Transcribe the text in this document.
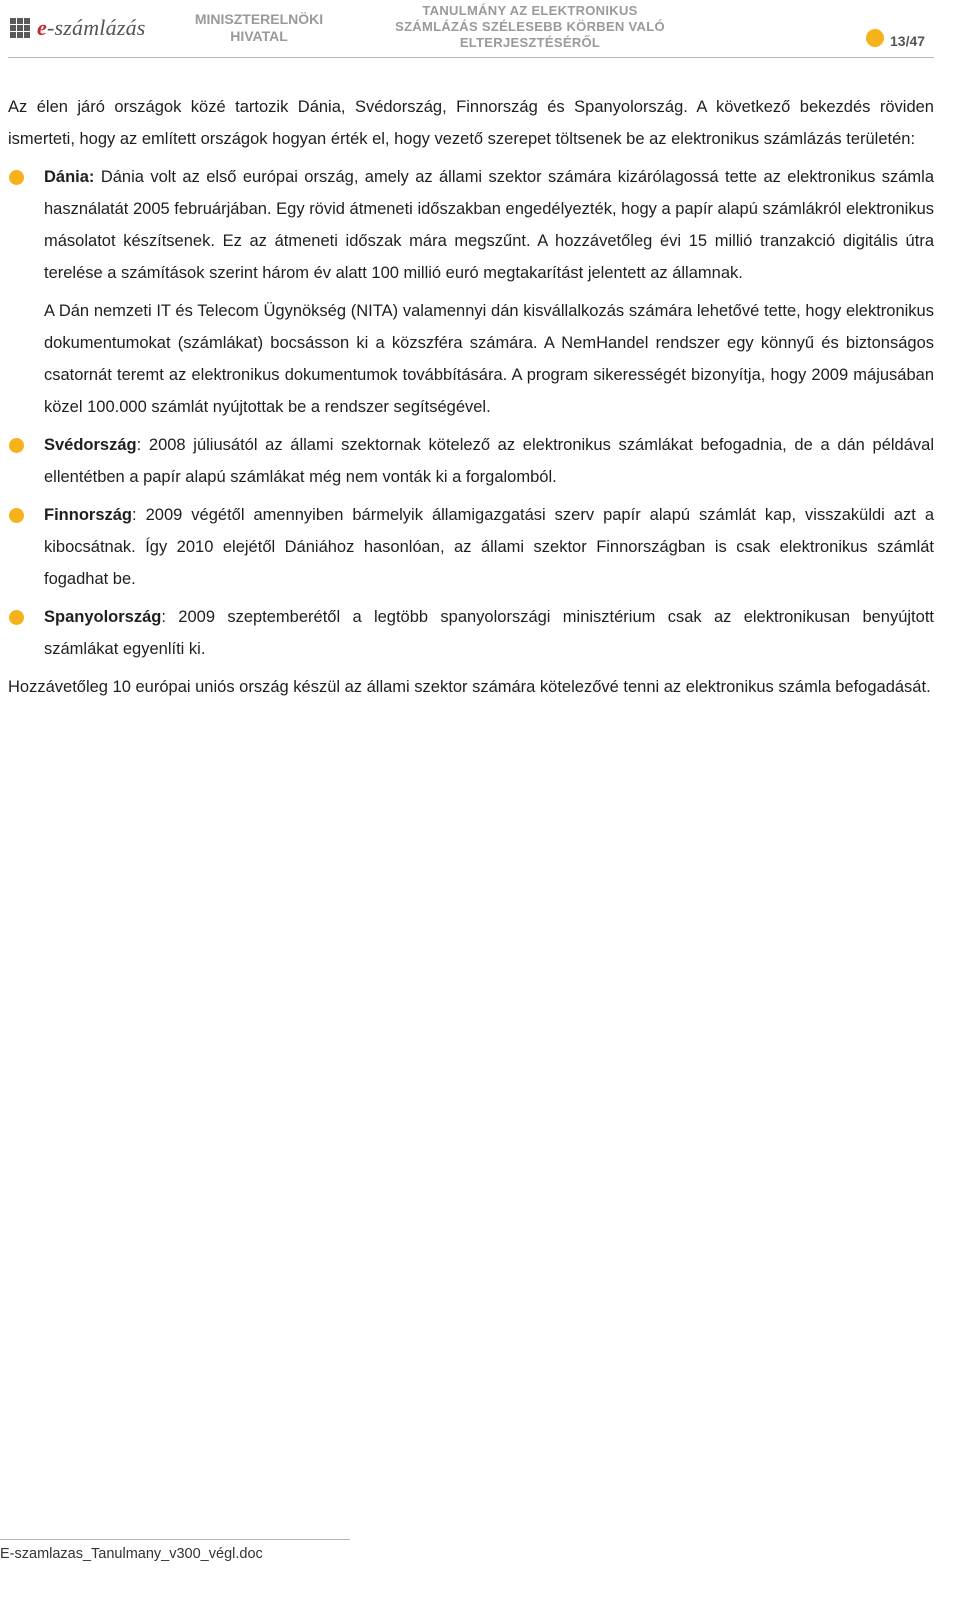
e-számlázás	MINISZTERELNÖKI
HIVATAL
TANULMÁNY AZ ELEKTRONIKUS
SZÁMLÁZÁS SZÉLESEBB KÖRBEN VALÓ
ELTERJESZTÉSÉRŐL	13/47

Az élen járó országok közé tartozik Dánia, Svédország, Finnország és Spanyolország. A következő bekezdés röviden ismerteti, hogy az említett országok hogyan érték el, hogy vezető szerepet töltsenek be az elektronikus számlázás területén:

Dánia: Dánia volt az első európai ország, amely az állami szektor számára kizárólagossá tette az elektronikus számla használatát 2005 februárjában. Egy rövid átmeneti időszakban engedélyezték, hogy a papír alapú számlákról elektronikus másolatot készítsenek. Ez az átmeneti időszak mára megszűnt. A hozzávetőleg évi 15 millió tranzakció digitális útra terelése a számítások szerint három év alatt 100 millió euró megtakarítást jelentett az államnak.

A Dán nemzeti IT és Telecom Ügynökség (NITA) valamennyi dán kisvállalkozás számára lehetővé tette, hogy elektronikus dokumentumokat (számlákat) bocsásson ki a közszféra számára. A NemHandel rendszer egy könnyű és biztonságos csatornát teremt az elektronikus dokumentumok továbbítására. A program sikerességét bizonyítja, hogy 2009 májusában közel 100.000 számlát nyújtottak be a rendszer segítségével.

Svédország: 2008 júliusától az állami szektornak kötelező az elektronikus számlákat befogadnia, de a dán példával ellentétben a papír alapú számlákat még nem vonták ki a forgalomból.

Finnország: 2009 végétől amennyiben bármelyik államigazgatási szerv papír alapú számlát kap, visszaküldi azt a kibocsátnak. Így 2010 elejétől Dániához hasonlóan, az állami szektor Finnországban is csak elektronikus számlát fogadhat be.

Spanyolország: 2009 szeptemberétől a legtöbb spanyolországi minisztérium csak az elektronikusan benyújtott számlákat egyenlíti ki.

Hozzávetőleg 10 európai uniós ország készül az állami szektor számára kötelezővé tenni az elektronikus számla befogadását.

E-szamlazas_Tanulmany_v300_végl.doc
